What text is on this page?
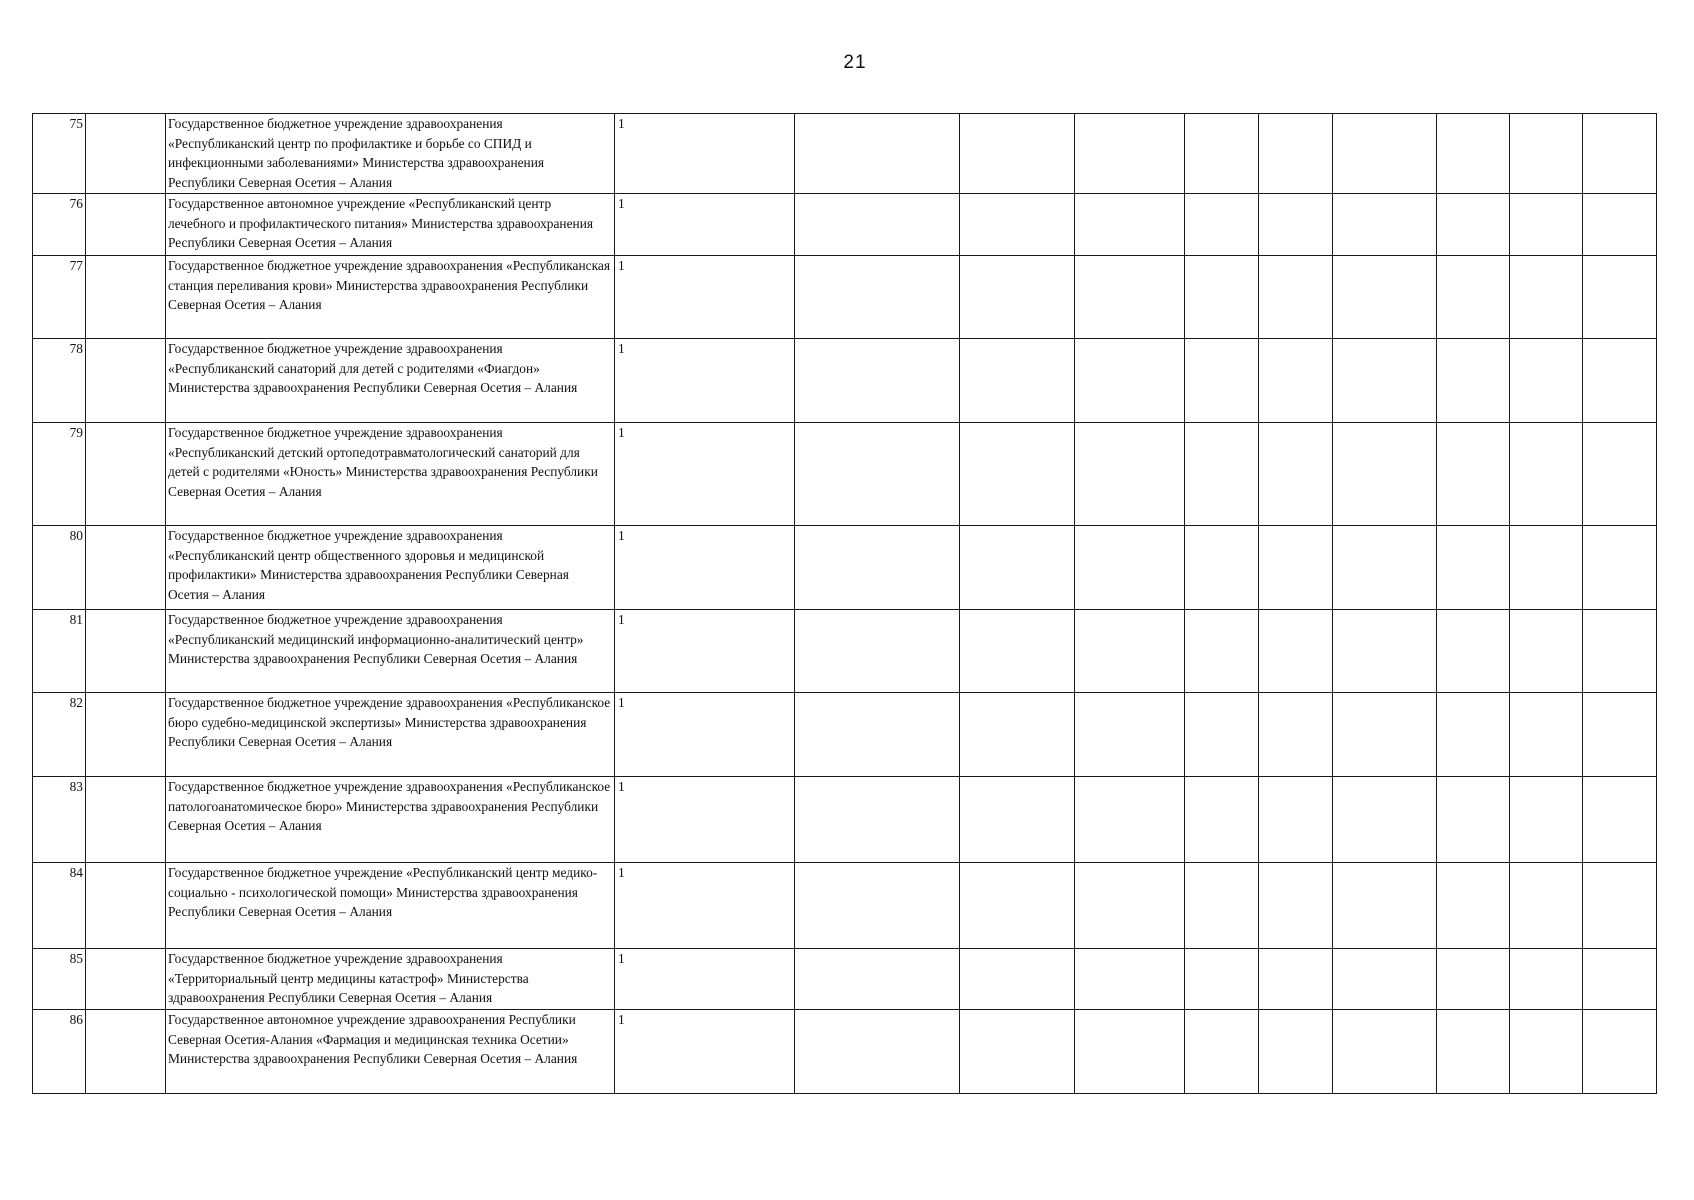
21
75		Государственное бюджетное учреждение здравоохранения «Республиканский центр по профилактике и борьбе со СПИД и инфекционными заболеваниями» Министерства здравоохранения Республики Северная Осетия – Алания	1									
76		Государственное автономное учреждение «Республиканский центр лечебного и профилактического питания» Министерства здравоохранения Республики Северная Осетия – Алания	1									
77		Государственное бюджетное учреждение здравоохранения «Республиканская станция переливания крови» Министерства здравоохранения Республики Северная Осетия – Алания	1									
78		Государственное бюджетное учреждение здравоохранения «Республиканский санаторий для детей с родителями «Фиагдон» Министерства здравоохранения Республики Северная Осетия – Алания	1									
79		Государственное бюджетное учреждение здравоохранения «Республиканский детский ортопедотравматологический санаторий для детей с родителями «Юность» Министерства здравоохранения Республики Северная Осетия – Алания	1									
80		Государственное бюджетное учреждение здравоохранения «Республиканский центр общественного здоровья и медицинской профилактики» Министерства здравоохранения Республики Северная Осетия – Алания	1									
81		Государственное бюджетное учреждение здравоохранения «Республиканский медицинский информационно-аналитический центр» Министерства здравоохранения Республики Северная Осетия – Алания	1									
82		Государственное бюджетное учреждение здравоохранения «Республиканское бюро судебно-медицинской экспертизы» Министерства здравоохранения Республики Северная Осетия – Алания	1									
83		Государственное бюджетное учреждение здравоохранения «Республиканское патологоанатомическое бюро» Министерства здравоохранения Республики Северная Осетия – Алания	1									
84		Государственное бюджетное учреждение «Республиканский центр медико-социально - психологической помощи» Министерства здравоохранения Республики Северная Осетия – Алания	1									
85		Государственное бюджетное учреждение здравоохранения «Территориальный центр медицины катастроф» Министерства здравоохранения Республики Северная Осетия – Алания	1									
86		Государственное автономное учреждение здравоохранения Республики Северная Осетия-Алания «Фармация и медицинская техника Осетии» Министерства здравоохранения Республики Северная Осетия – Алания	1									
